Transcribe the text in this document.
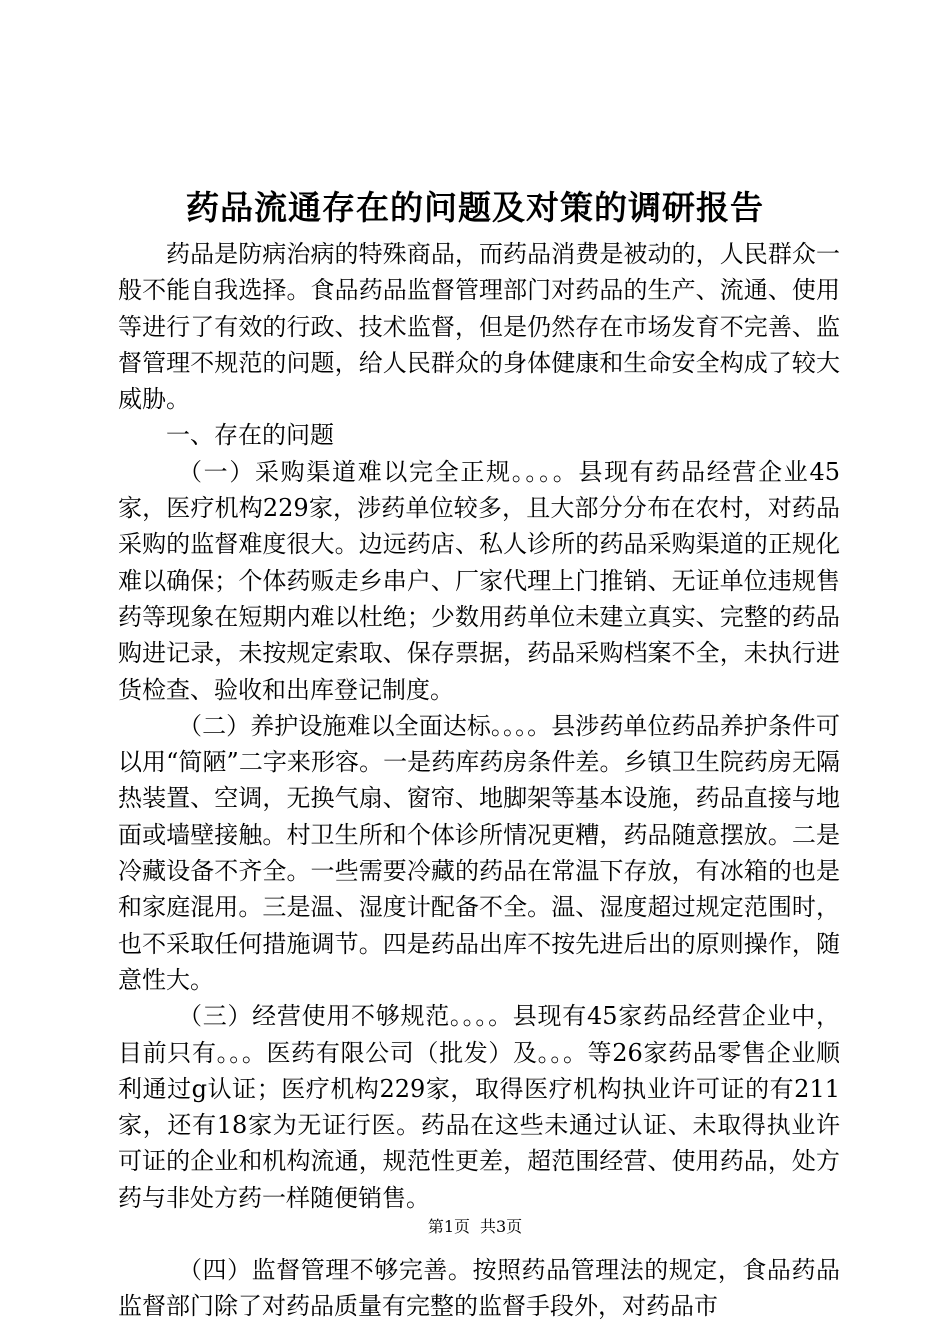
药品流通存在的问题及对策的调研报告

药品是防病治病的特殊商品，而药品消费是被动的，人民群众一般不能自我选择。食品药品监督管理部门对药品的生产、流通、使用等进行了有效的行政、技术监督，但是仍然存在市场发育不完善、监督管理不规范的问题，给人民群众的身体健康和生命安全构成了较大威胁。

一、存在的问题

（一）采购渠道难以完全正规。。。。县现有药品经营企业45家，医疗机构229家，涉药单位较多，且大部分分布在农村，对药品采购的监督难度很大。边远药店、私人诊所的药品采购渠道的正规化难以确保；个体药贩走乡串户、厂家代理上门推销、无证单位违规售药等现象在短期内难以杜绝；少数用药单位未建立真实、完整的药品购进记录，未按规定索取、保存票据，药品采购档案不全，未执行进货检查、验收和出库登记制度。

（二）养护设施难以全面达标。。。。县涉药单位药品养护条件可以用“简陋”二字来形容。一是药库药房条件差。乡镇卫生院药房无隔热装置、空调，无换气扇、窗帘、地脚架等基本设施，药品直接与地面或墙壁接触。村卫生所和个体诊所情况更糟，药品随意摆放。二是冷藏设备不齐全。一些需要冷藏的药品在常温下存放，有冰箱的也是和家庭混用。三是温、湿度计配备不全。温、湿度超过规定范围时，也不采取任何措施调节。四是药品出库不按先进后出的原则操作，随意性大。

（三）经营使用不够规范。。。。县现有45家药品经营企业中，目前只有。。。医药有限公司（批发）及。。。等26家药品零售企业顺利通过g认证；医疗机构229家，取得医疗机构执业许可证的有211家，还有18家为无证行医。药品在这些未通过认证、未取得执业许可证的企业和机构流通，规范性更差，超范围经营、使用药品，处方药与非处方药一样随便销售。

（四）监督管理不够完善。按照药品管理法的规定，食品药品监督部门除了对药品质量有完整的监督手段外，对药品市

第1页 共3页
